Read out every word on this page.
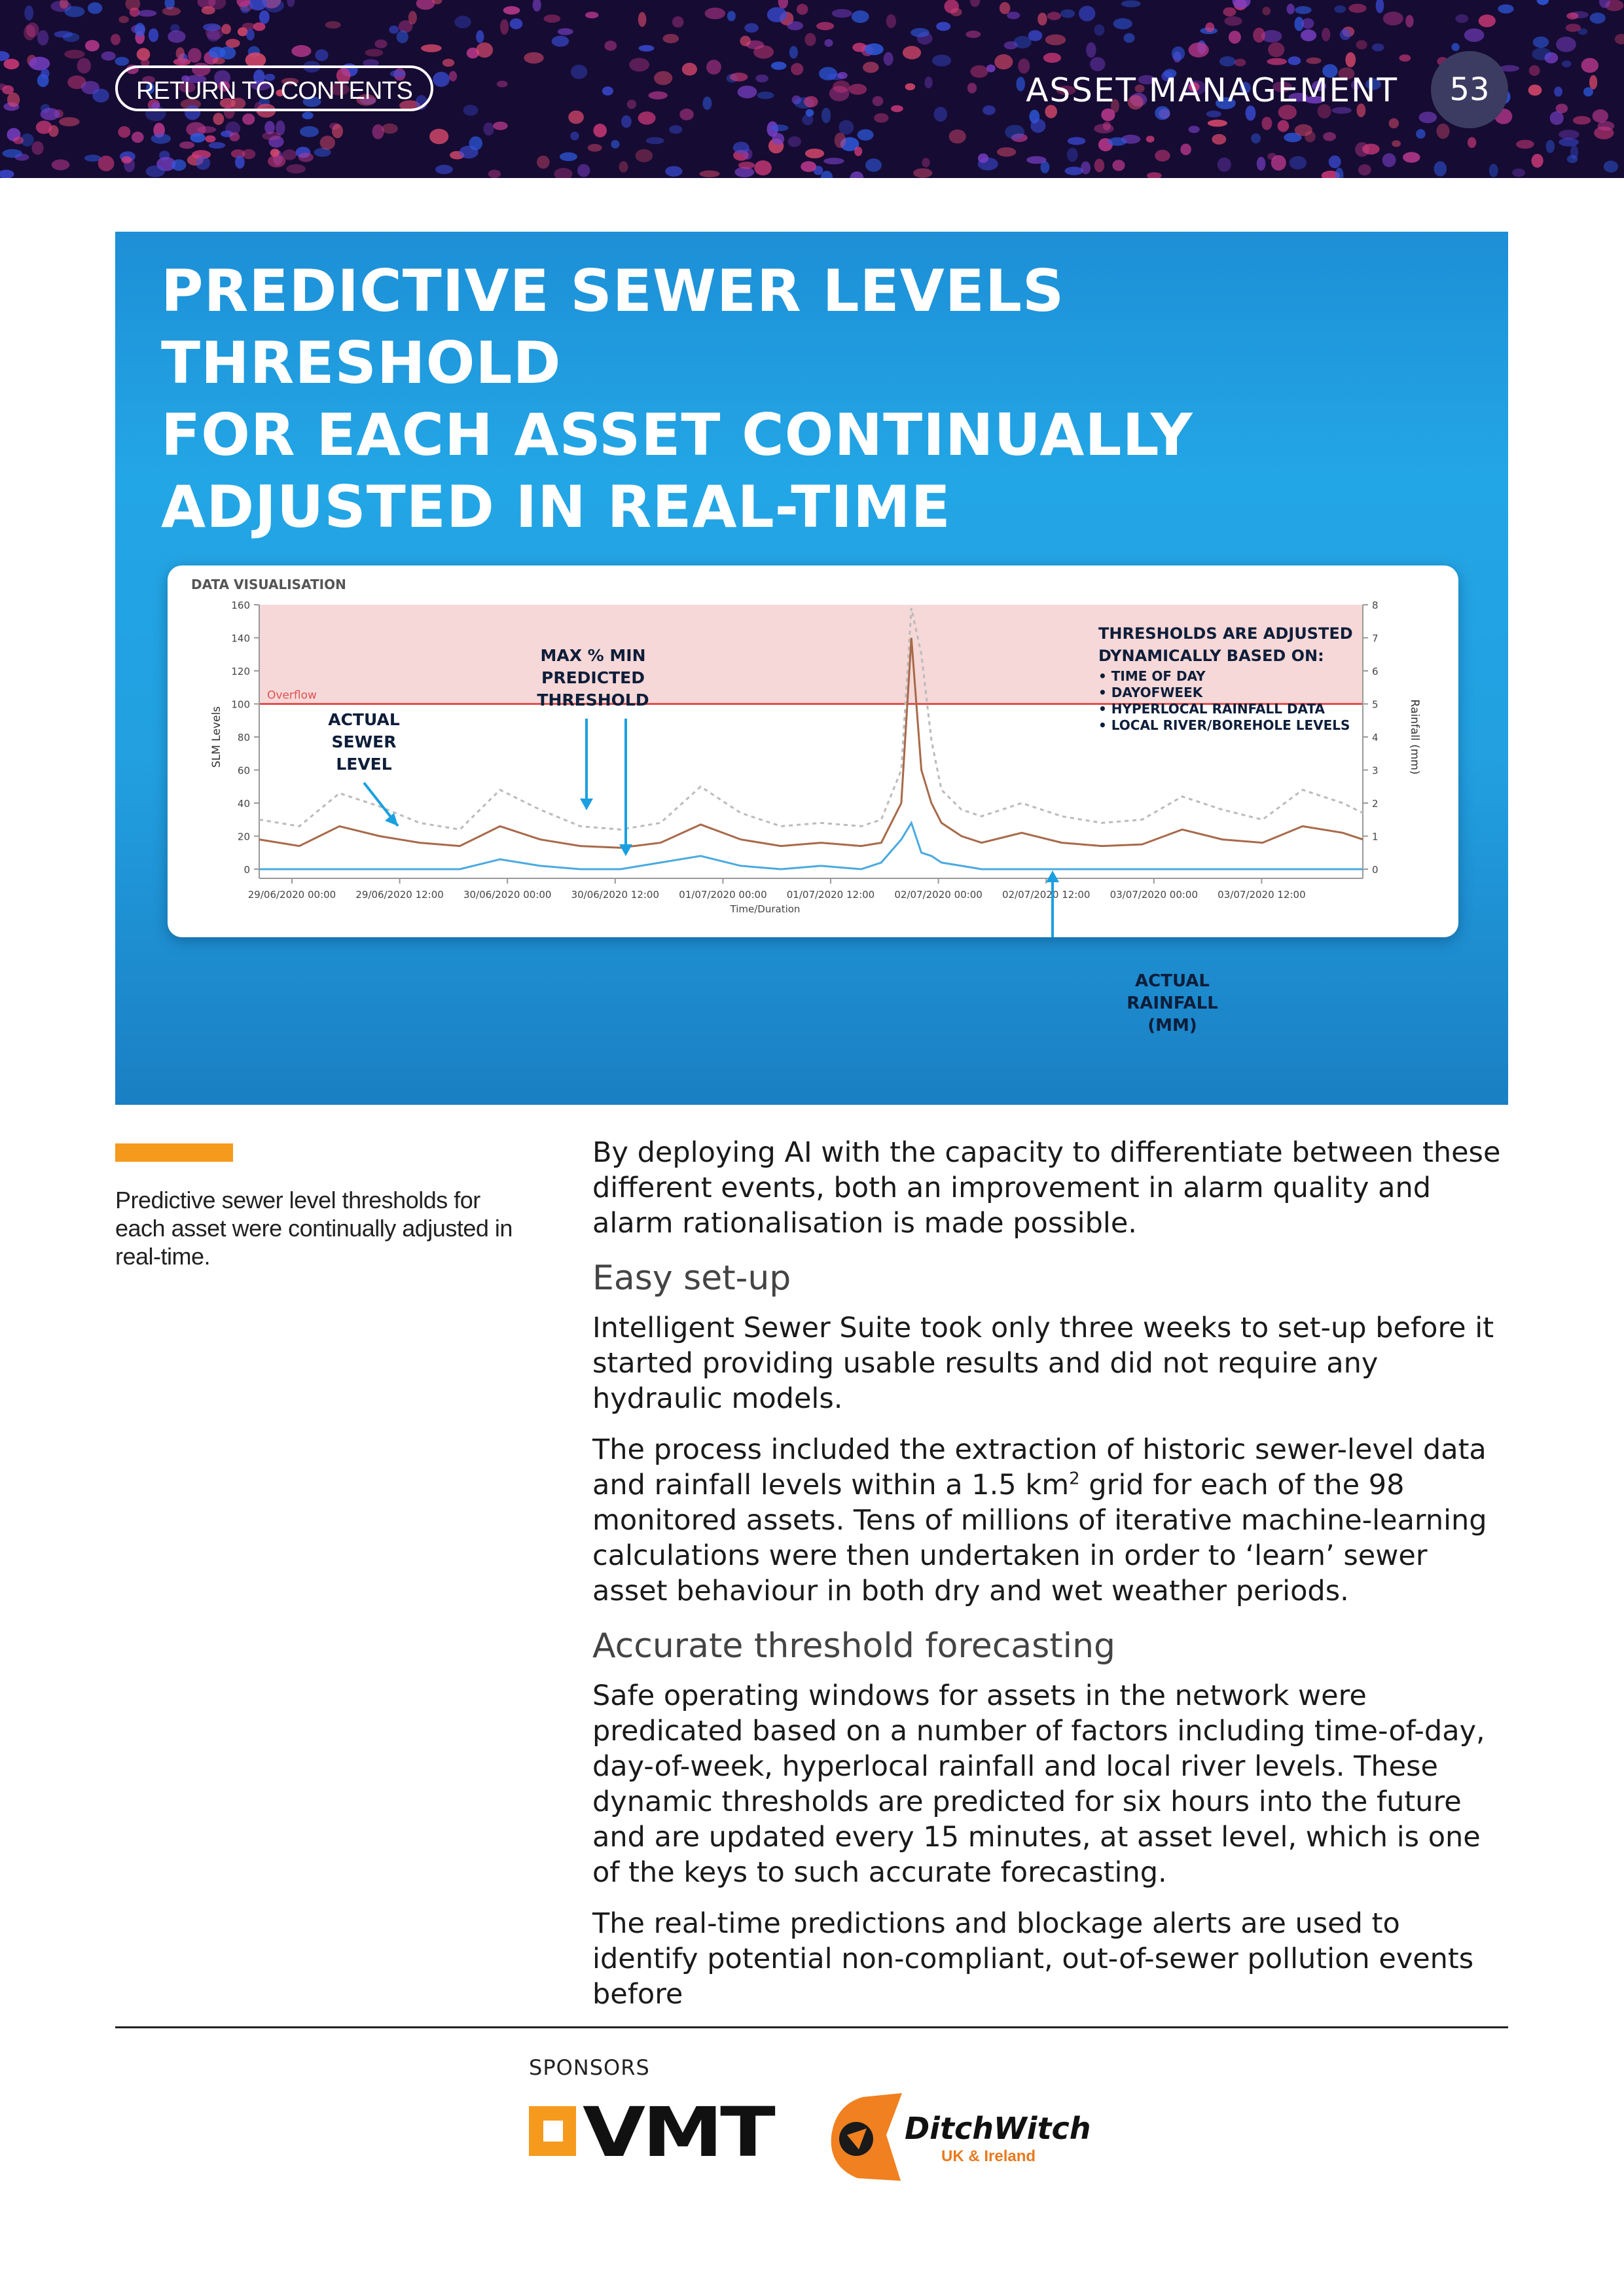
RETURN TO CONTENTS	ASSET MANAGEMENT	53
PREDICTIVE SEWER LEVELS THRESHOLD
FOR EACH ASSET CONTINUALLY
ADJUSTED IN REAL-TIME
DATA VISUALISATION
Overflow
0
20
40
60
80
100
120
140
160
0
1
2
3
4
5
6
7
8
29/06/2020 00:00 29/06/2020 12:00 30/06/2020 00:00 30/06/2020 12:00 01/07/2020 00:00 01/07/2020 12:00 02/07/2020 00:00 02/07/2020 12:00 03/07/2020 00:00 03/07/2020 12:00
Time/Duration
SLM Levels	Rainfall (mm)
ACTUAL
SEWER
LEVEL
MAX % MIN
PREDICTED
THRESHOLD
THRESHOLDS ARE ADJUSTED
DYNAMICALLY BASED ON:
• TIME OF DAY
• DAYOFWEEK
• HYPERLOCAL RAINFALL DATA
• LOCAL RIVER/BOREHOLE LEVELS
ACTUAL
RAINFALL
(MM)

Predictive sewer level thresholds for each asset were continually adjusted in real-time.

By deploying AI with the capacity to differentiate between these different events, both an improvement in alarm quality and alarm rationalisation is made possible.

Easy set-up

Intelligent Sewer Suite took only three weeks to set-up before it started providing usable results and did not require any hydraulic models.

The process included the extraction of historic sewer-level data and rainfall levels within a 1.5 $km^2$ grid for each of the 98 monitored assets. Tens of millions of iterative machine-learning calculations were then undertaken in order to ‘learn’ sewer asset behaviour in both dry and wet weather periods.

Accurate threshold forecasting

Safe operating windows for assets in the network were predicated based on a number of factors including time-of-day, day-of-week, hyperlocal rainfall and local river levels. These dynamic thresholds are predicted for six hours into the future and are updated every 15 minutes, at asset level, which is one of the keys to such accurate forecasting.

The real-time predictions and blockage alerts are used to identify potential non-compliant, out-of-sewer pollution events before

SPONSORS
VMT	DitchWitch
UK & Ireland
